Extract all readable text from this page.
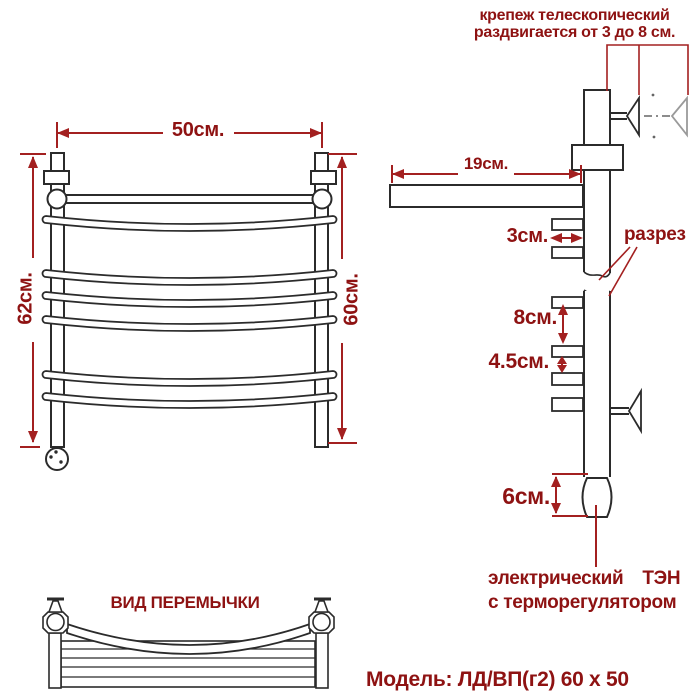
крепеж телескопический
раздвигается от 3 до 8 см.
50см.
62см.	60см.
19см.
3см.	разрез
8см.
4.5см.
6см.
электрический ТЭН
с терморегулятором
ВИД ПЕРЕМЫЧКИ
Модель: ЛД/ВП(г2) 60 х 50
